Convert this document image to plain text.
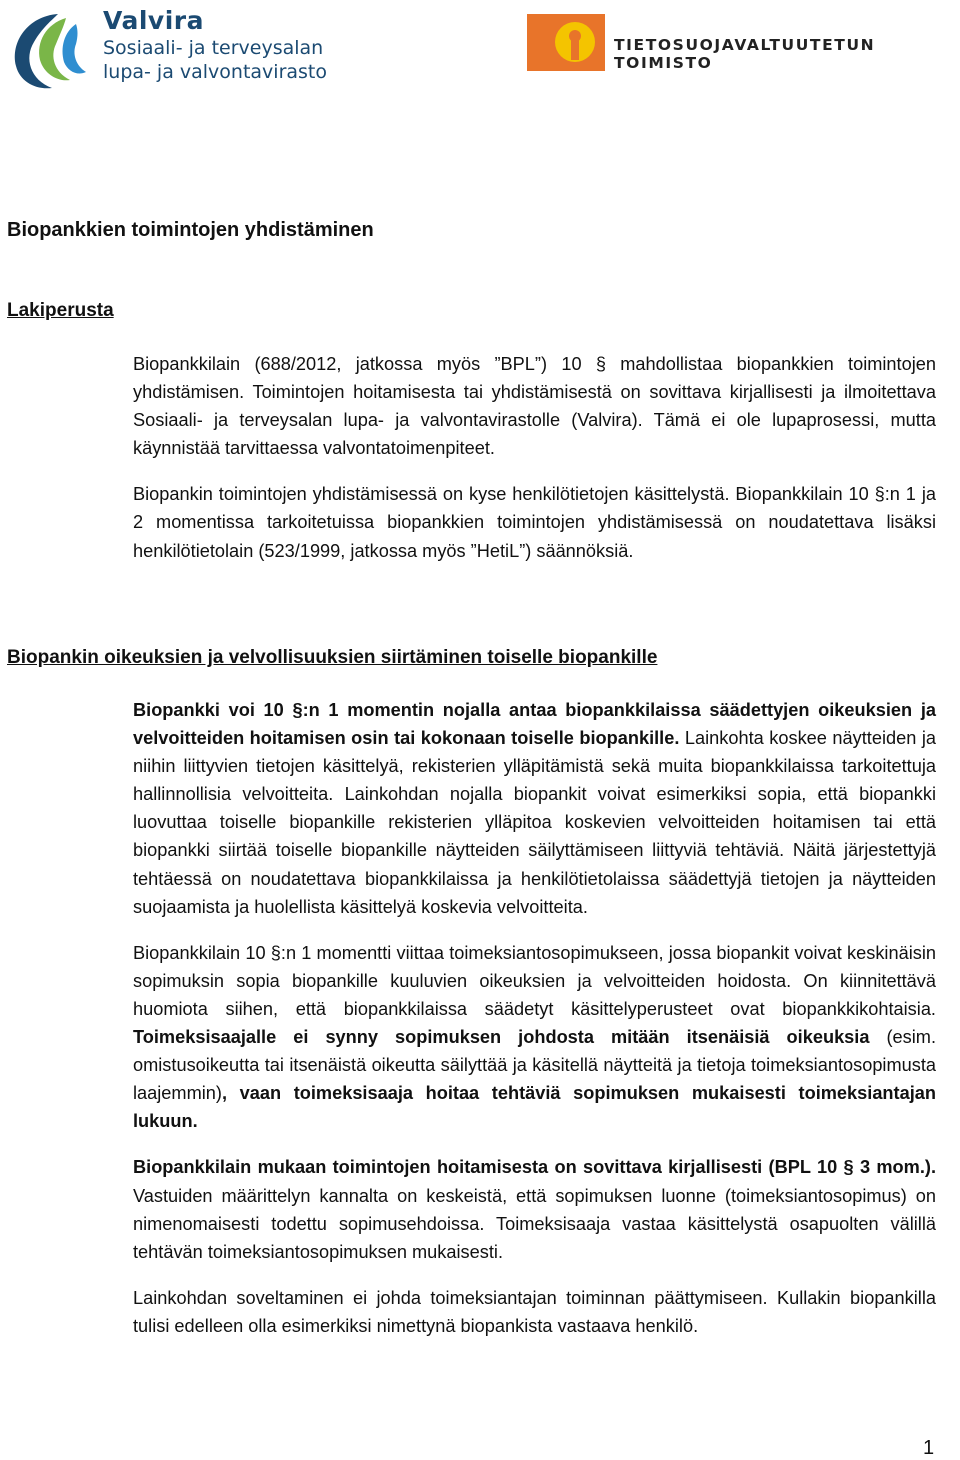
Valvira
Sosiaali- ja terveysalan
lupa- ja valvontavirasto
TIETOSUOJAVALTUUTETUN TOIMISTO
Biopankkien toimintojen yhdistäminen
Lakiperusta

Biopankkilain (688/2012, jatkossa myös ”BPL”) 10 § mahdollistaa biopankkien toimintojen yhdistämisen. Toimintojen hoitamisesta tai yhdistämisestä on sovittava kirjallisesti ja ilmoitettava Sosiaali- ja terveysalan lupa- ja valvontavirastolle (Valvira). Tämä ei ole lupaprosessi, mutta käynnistää tarvittaessa valvontatoimenpiteet.

Biopankin toimintojen yhdistämisessä on kyse henkilötietojen käsittelystä. Biopankkilain 10 §:n 1 ja 2 momentissa tarkoitetuissa biopankkien toimintojen yhdistämisessä on noudatettava lisäksi henkilötietolain (523/1999, jatkossa myös ”HetiL”) säännöksiä.

Biopankin oikeuksien ja velvollisuuksien siirtäminen toiselle biopankille

Biopankki voi 10 §:n 1 momentin nojalla antaa biopankkilaissa säädettyjen oikeuksien ja velvoitteiden hoitamisen osin tai kokonaan toiselle biopankille. Lainkohta koskee näytteiden ja niihin liittyvien tietojen käsittelyä, rekisterien ylläpitämistä sekä muita biopankkilaissa tarkoitettuja hallinnollisia velvoitteita. Lainkohdan nojalla biopankit voivat esimerkiksi sopia, että biopankki luovuttaa toiselle biopankille rekisterien ylläpitoa koskevien velvoitteiden hoitamisen tai että biopankki siirtää toiselle biopankille näytteiden säilyttämiseen liittyviä tehtäviä. Näitä järjestettyjä tehtäessä on noudatettava biopankkilaissa ja henkilötietolaissa säädettyjä tietojen ja näytteiden suojaamista ja huolellista käsittelyä koskevia velvoitteita.

Biopankkilain 10 §:n 1 momentti viittaa toimeksiantosopimukseen, jossa biopankit voivat keskinäisin sopimuksin sopia biopankille kuuluvien oikeuksien ja velvoitteiden hoidosta. On kiinnitettävä huomiota siihen, että biopankkilaissa säädetyt käsittelyperusteet ovat biopankkikohtaisia. Toimeksisaajalle ei synny sopimuksen johdosta mitään itsenäisiä oikeuksia (esim. omistusoikeutta tai itsenäistä oikeutta säilyttää ja käsitellä näytteitä ja tietoja toimeksiantosopimusta laajemmin), vaan toimeksisaaja hoitaa tehtäviä sopimuksen mukaisesti toimeksiantajan lukuun.

Biopankkilain mukaan toimintojen hoitamisesta on sovittava kirjallisesti (BPL 10 § 3 mom.). Vastuiden määrittelyn kannalta on keskeistä, että sopimuksen luonne (toimeksiantosopimus) on nimenomaisesti todettu sopimusehdoissa. Toimeksisaaja vastaa käsittelystä osapuolten välillä tehtävän toimeksiantosopimuksen mukaisesti.

Lainkohdan soveltaminen ei johda toimeksiantajan toiminnan päättymiseen. Kullakin biopankilla tulisi edelleen olla esimerkiksi nimettynä biopankista vastaava henkilö.

1
